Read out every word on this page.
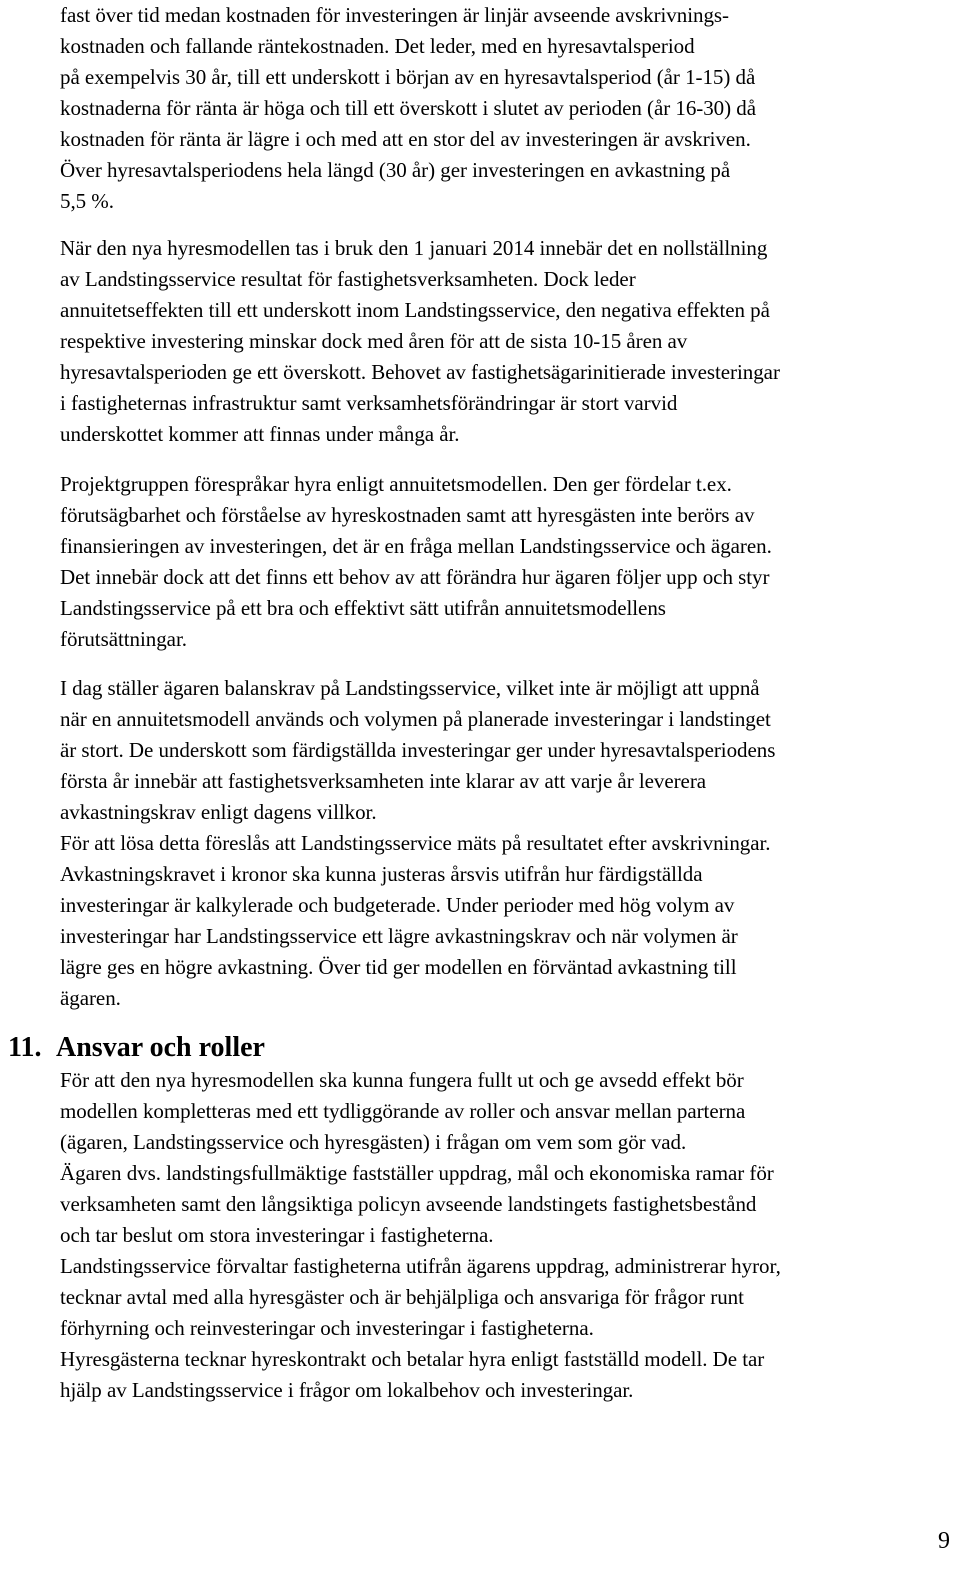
fast över tid medan kostnaden för investeringen är linjär avseende avskrivnings-
kostnaden och fallande räntekostnaden. Det leder, med en hyresavtalsperiod
på exempelvis 30 år, till ett underskott i början av en hyresavtalsperiod (år 1-15) då
kostnaderna för ränta är höga och till ett överskott i slutet av perioden (år 16-30) då
kostnaden för ränta är lägre i och med att en stor del av investeringen är avskriven.
Över hyresavtalsperiodens hela längd (30 år) ger investeringen en avkastning på
5,5 %.

När den nya hyresmodellen tas i bruk den 1 januari 2014 innebär det en nollställning
av Landstingsservice resultat för fastighetsverksamheten. Dock leder
annuitetseffekten till ett underskott inom Landstingsservice, den negativa effekten på
respektive investering minskar dock med åren för att de sista 10-15 åren av
hyresavtalsperioden ge ett överskott. Behovet av fastighetsägarinitierade investeringar
i fastigheternas infrastruktur samt verksamhetsförändringar är stort varvid
underskottet kommer att finnas under många år.

Projektgruppen förespråkar hyra enligt annuitetsmodellen. Den ger fördelar t.ex.
förutsägbarhet och förståelse av hyreskostnaden samt att hyresgästen inte berörs av
finansieringen av investeringen, det är en fråga mellan Landstingsservice och ägaren.
Det innebär dock att det finns ett behov av att förändra hur ägaren följer upp och styr
Landstingsservice på ett bra och effektivt sätt utifrån annuitetsmodellens
förutsättningar.

I dag ställer ägaren balanskrav på Landstingsservice, vilket inte är möjligt att uppnå
när en annuitetsmodell används och volymen på planerade investeringar i landstinget
är stort. De underskott som färdigställda investeringar ger under hyresavtalsperiodens
första år innebär att fastighetsverksamheten inte klarar av att varje år leverera
avkastningskrav enligt dagens villkor.
För att lösa detta föreslås att Landstingsservice mäts på resultatet efter avskrivningar.
Avkastningskravet i kronor ska kunna justeras årsvis utifrån hur färdigställda
investeringar är kalkylerade och budgeterade. Under perioder med hög volym av
investeringar har Landstingsservice ett lägre avkastningskrav och när volymen är
lägre ges en högre avkastning. Över tid ger modellen en förväntad avkastning till
ägaren.

11. Ansvar och roller

För att den nya hyresmodellen ska kunna fungera fullt ut och ge avsedd effekt bör
modellen kompletteras med ett tydliggörande av roller och ansvar mellan parterna
(ägaren, Landstingsservice och hyresgästen) i frågan om vem som gör vad.
Ägaren dvs. landstingsfullmäktige fastställer uppdrag, mål och ekonomiska ramar för
verksamheten samt den långsiktiga policyn avseende landstingets fastighetsbestånd
och tar beslut om stora investeringar i fastigheterna.
Landstingsservice förvaltar fastigheterna utifrån ägarens uppdrag, administrerar hyror,
tecknar avtal med alla hyresgäster och är behjälpliga och ansvariga för frågor runt
förhyrning och reinvesteringar och investeringar i fastigheterna.
Hyresgästerna tecknar hyreskontrakt och betalar hyra enligt fastställd modell. De tar
hjälp av Landstingsservice i frågor om lokalbehov och investeringar.

9
